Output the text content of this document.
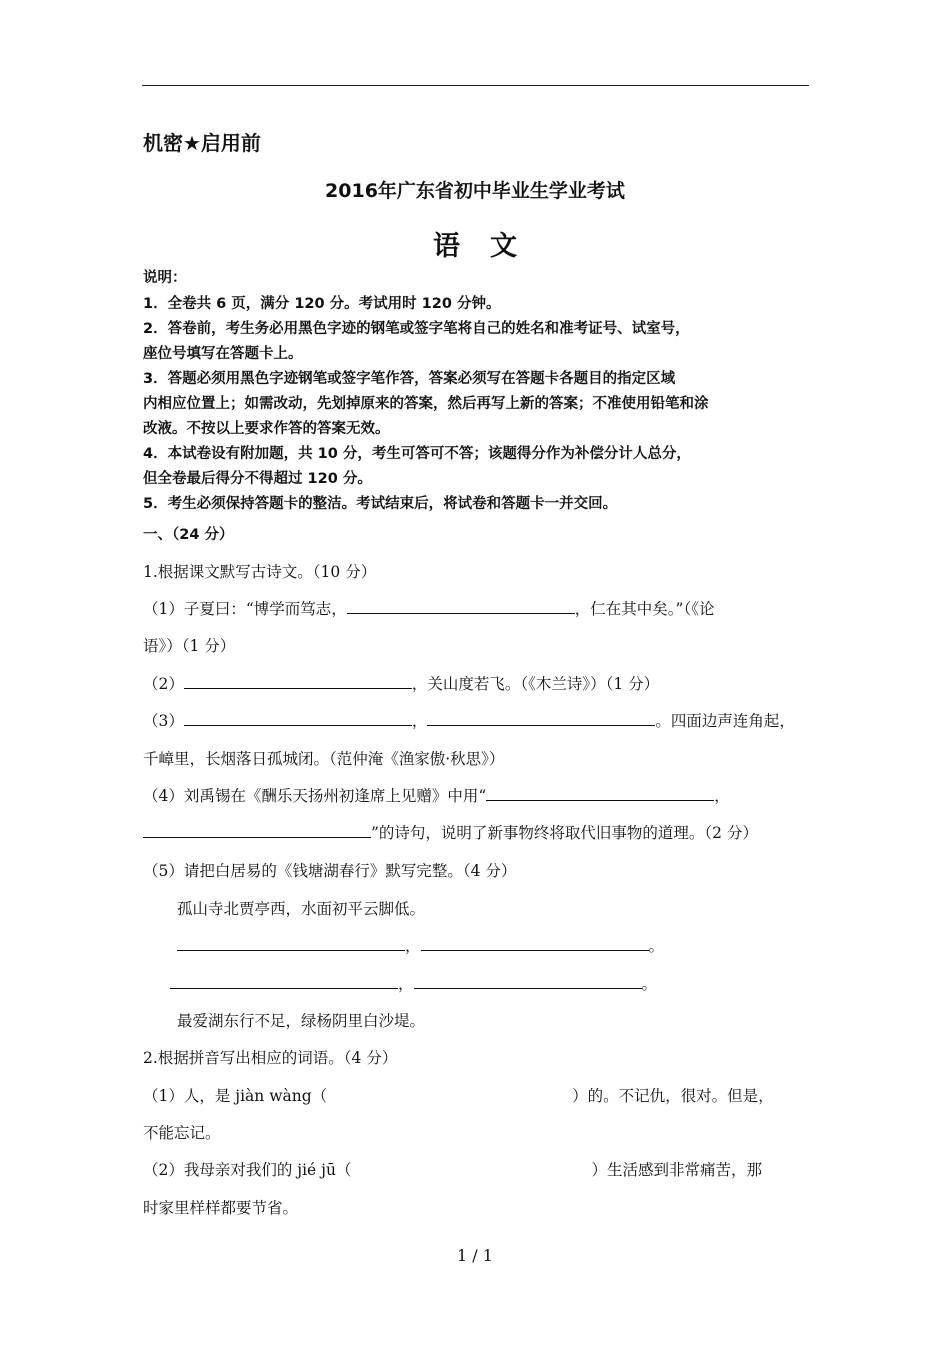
机密★启用前
2016年广东省初中毕业生学业考试
语文
说明：
1．全卷共 6 页，满分 120 分。考试用时 120 分钟。
2．答卷前，考生务必用黑色字迹的钢笔或签字笔将自己的姓名和准考证号、试室号，
座位号填写在答题卡上。
3．答题必须用黑色字迹钢笔或签字笔作答，答案必须写在答题卡各题目的指定区域
内相应位置上；如需改动，先划掉原来的答案，然后再写上新的答案；不准使用铅笔和涂
改液。不按以上要求作答的答案无效。
4．本试卷设有附加题，共 10 分，考生可答可不答；该题得分作为补偿分计人总分，
但全卷最后得分不得超过 120 分。
5．考生必须保持答题卡的整洁。考试结束后，将试卷和答题卡一并交回。
一、（24 分）
1.根据课文默写古诗文。（10 分）
（1）子夏曰：“博学而笃志，	，仁在其中矣。”（《论
语》）（1 分）
（2）	，关山度若飞。（《木兰诗》）（1 分）
（3）	，	。四面边声连角起，
千嶂里，长烟落日孤城闭。（范仲淹《渔家傲·秋思》）
（4）刘禹锡在《酬乐天扬州初逢席上见赠》中用“	，
”的诗句，说明了新事物终将取代旧事物的道理。（2 分）
（5）请把白居易的《钱塘湖春行》默写完整。（4 分）
孤山寺北贾亭西，水面初平云脚低。
，	。
，	。
最爱湖东行不足，绿杨阴里白沙堤。
2.根据拼音写出相应的词语。（4 分）
（1）人，是 jiàn wàng（	）的。不记仇，很对。但是，
不能忘记。
（2）我母亲对我们的 jié jū（	）生活感到非常痛苦，那
时家里样样都要节省。
1 / 1
